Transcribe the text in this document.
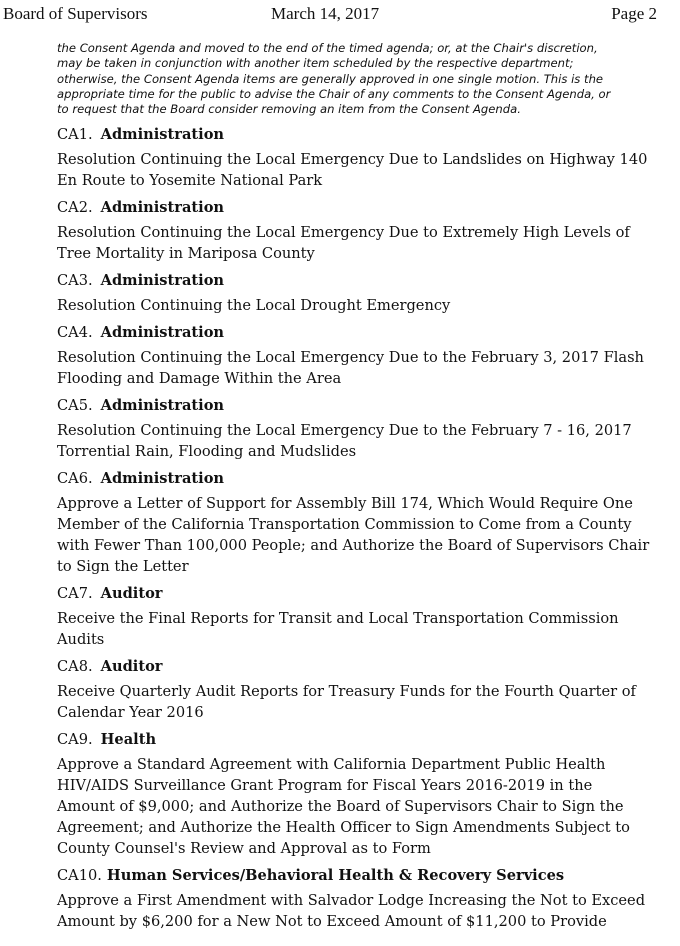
Board of Supervisors	March 14, 2017	Page 2
the Consent Agenda and moved to the end of the timed agenda; or, at the Chair's discretion,
may be taken in conjunction with another item scheduled by the respective department;
otherwise, the Consent Agenda items are generally approved in one single motion. This is the
appropriate time for the public to advise the Chair of any comments to the Consent Agenda, or
to request that the Board consider removing an item from the Consent Agenda.
CA1. Administration
Resolution Continuing the Local Emergency Due to Landslides on Highway 140
En Route to Yosemite National Park
CA2. Administration
Resolution Continuing the Local Emergency Due to Extremely High Levels of
Tree Mortality in Mariposa County
CA3. Administration
Resolution Continuing the Local Drought Emergency
CA4. Administration
Resolution Continuing the Local Emergency Due to the February 3, 2017 Flash
Flooding and Damage Within the Area
CA5. Administration
Resolution Continuing the Local Emergency Due to the February 7 - 16, 2017
Torrential Rain, Flooding and Mudslides
CA6. Administration
Approve a Letter of Support for Assembly Bill 174, Which Would Require One
Member of the California Transportation Commission to Come from a County
with Fewer Than 100,000 People; and Authorize the Board of Supervisors Chair
to Sign the Letter
CA7. Auditor
Receive the Final Reports for Transit and Local Transportation Commission
Audits
CA8. Auditor
Receive Quarterly Audit Reports for Treasury Funds for the Fourth Quarter of
Calendar Year 2016
CA9. Health
Approve a Standard Agreement with California Department Public Health
HIV/AIDS Surveillance Grant Program for Fiscal Years 2016-2019 in the
Amount of $9,000; and Authorize the Board of Supervisors Chair to Sign the
Agreement; and Authorize the Health Officer to Sign Amendments Subject to
County Counsel's Review and Approval as to Form
CA10. Human Services/Behavioral Health & Recovery Services
Approve a First Amendment with Salvador Lodge Increasing the Not to Exceed
Amount by $6,200 for a New Not to Exceed Amount of $11,200 to Provide
